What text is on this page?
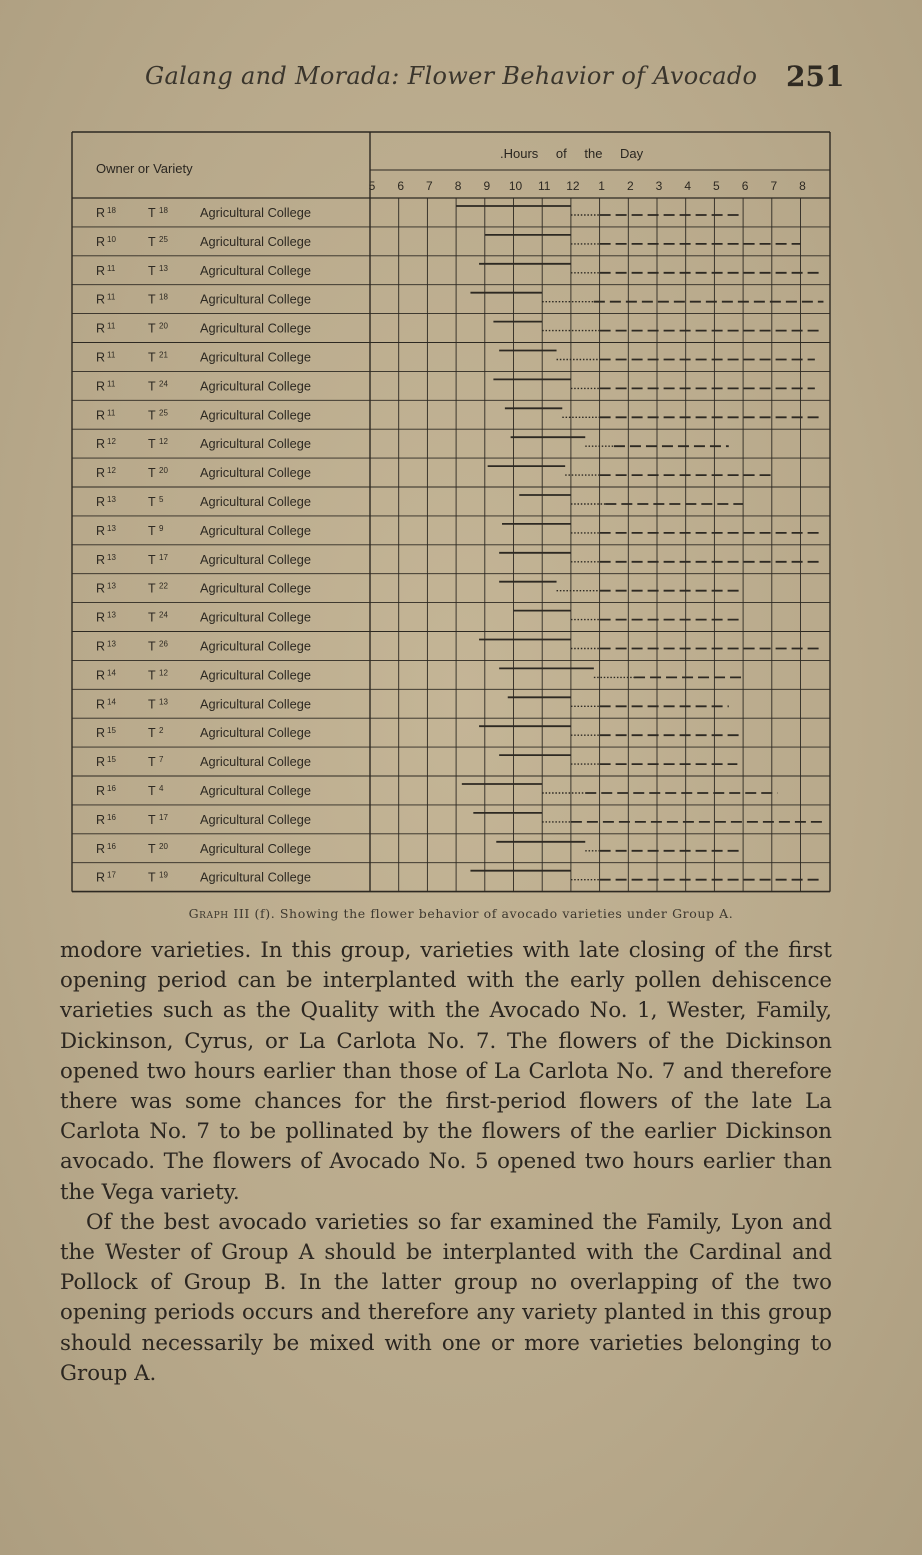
Galang and Morada: Flower Behavior of Avocado 251
Owner or Variety
.Hours of the Day
5 6 7 8 9 10 11 12 1 2 3 4 5 6 7 8
R 18	T 18	Agricultural College
R 10	T 25	Agricultural College
R 11	T 13	Agricultural College
R 11	T 18	Agricultural College
R 11	T 20	Agricultural College
R 11	T 21	Agricultural College
R 11	T 24	Agricultural College
R 11	T 25	Agricultural College
R 12	T 12	Agricultural College
R 12	T 20	Agricultural College
R 13	T 5	Agricultural College
R 13	T 9	Agricultural College
R 13	T 17	Agricultural College
R 13	T 22	Agricultural College
R 13	T 24	Agricultural College
R 13	T 26	Agricultural College
R 14	T 12	Agricultural College
R 14	T 13	Agricultural College
R 15	T 2	Agricultural College
R 15	T 7	Agricultural College
R 16	T 4	Agricultural College
R 16	T 17	Agricultural College
R 16	T 20	Agricultural College
R 17	T 19	Agricultural College
Graph III (f). Showing the flower behavior of avocado varieties under Group A.

modore varieties. In this group, varieties with late closing of the first opening period can be interplanted with the early pollen dehiscence varieties such as the Quality with the Avocado No. 1, Wester, Family, Dickinson, Cyrus, or La Carlota No. 7. The flowers of the Dickinson opened two hours earlier than those of La Carlota No. 7 and therefore there was some chances for the first-period flowers of the late La Carlota No. 7 to be pollinated by the flowers of the earlier Dickinson avocado. The flowers of Avocado No. 5 opened two hours earlier than the Vega variety.

Of the best avocado varieties so far examined the Family, Lyon and the Wester of Group A should be interplanted with the Cardinal and Pollock of Group B. In the latter group no overlapping of the two opening periods occurs and therefore any variety planted in this group should necessarily be mixed with one or more varieties belonging to Group A.
